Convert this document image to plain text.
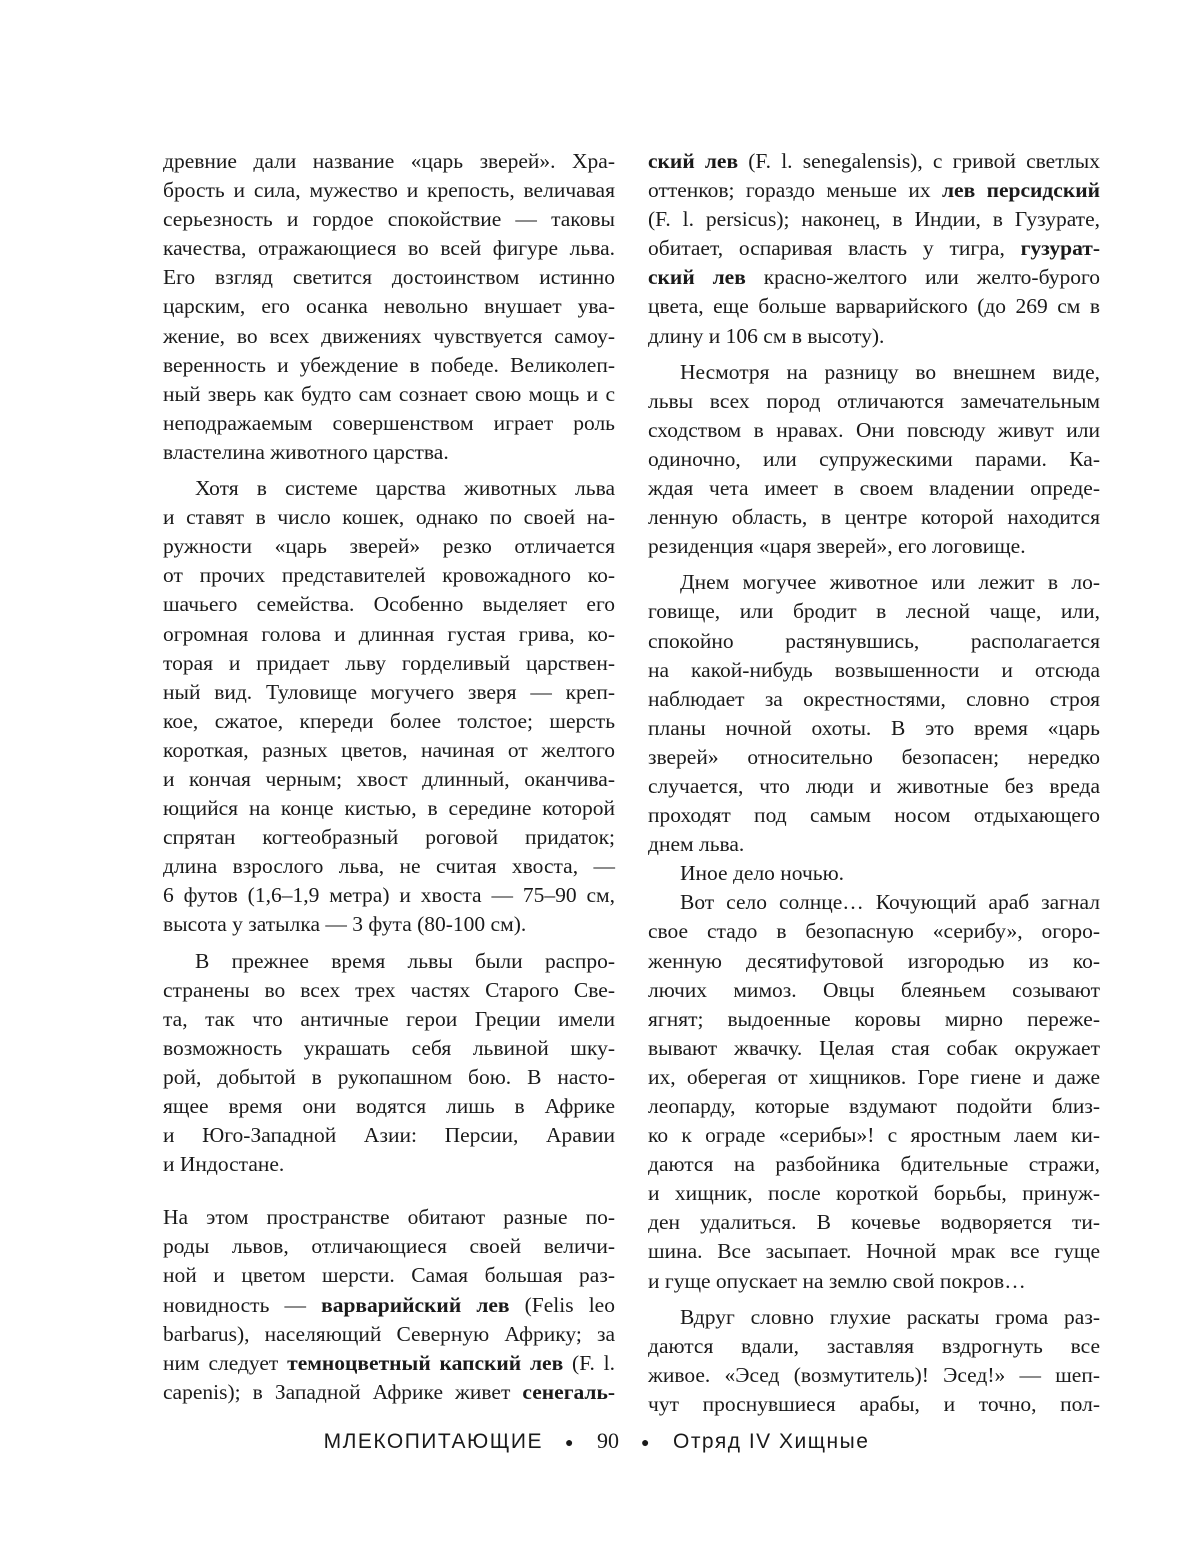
древние дали название «царь зверей». Хра-
брость и сила, мужество и крепость, величавая
серьезность и гордое спокойствие — таковы
качества, отражающиеся во всей фигуре льва.
Его взгляд светится достоинством истинно
царским, его осанка невольно внушает ува-
жение, во всех движениях чувствуется самоу-
веренность и убеждение в победе. Великолеп-
ный зверь как будто сам сознает свою мощь и с
неподражаемым совершенством играет роль
властелина животного царства.
Хотя в системе царства животных льва
и ставят в число кошек, однако по своей на-
ружности «царь зверей» резко отличается
от прочих представителей кровожадного ко-
шачьего семейства. Особенно выделяет его
огромная голова и длинная густая грива, ко-
торая и придает льву горделивый царствен-
ный вид. Туловище могучего зверя — креп-
кое, сжатое, кпереди более толстое; шерсть
короткая, разных цветов, начиная от желтого
и кончая черным; хвост длинный, оканчива-
ющийся на конце кистью, в середине которой
спрятан когтеобразный роговой придаток;
длина взрослого льва, не считая хвоста, —
6 футов (1,6–1,9 метра) и хвоста — 75–90 см,
высота у затылка — 3 фута (80-100 см).
В прежнее время львы были распро-
странены во всех трех частях Старого Све-
та, так что античные герои Греции имели
возможность украшать себя львиной шку-
рой, добытой в рукопашном бою. В насто-
ящее время они водятся лишь в Африке
и Юго-Западной Азии: Персии, Аравии
и Индостане.
На этом пространстве обитают разные по-
роды львов, отличающиеся своей величи-
ной и цветом шерсти. Самая большая раз-
новидность — варварийский лев (Felis leo
barbarus), населяющий Северную Африку; за
ним следует темноцветный капский лев (F. l.
capenis); в Западной Африке живет сенегаль-
ский лев (F. l. senegalensis), с гривой светлых
оттенков; гораздо меньше их лев персидский
(F. l. persicus); наконец, в Индии, в Гузурате,
обитает, оспаривая власть у тигра, гузурат-
ский лев красно-желтого или желто-бурого
цвета, еще больше варварийского (до 269 см в
длину и 106 см в высоту).
Несмотря на разницу во внешнем виде,
львы всех пород отличаются замечательным
сходством в нравах. Они повсюду живут или
одиночно, или супружескими парами. Ка-
ждая чета имеет в своем владении опреде-
ленную область, в центре которой находится
резиденция «царя зверей», его логовище.
Днем могучее животное или лежит в ло-
говище, или бродит в лесной чаще, или,
спокойно растянувшись, располагается
на какой-нибудь возвышенности и отсюда
наблюдает за окрестностями, словно строя
планы ночной охоты. В это время «царь
зверей» относительно безопасен; нередко
случается, что люди и животные без вреда
проходят под самым носом отдыхающего
днем льва.
Иное дело ночью.
Вот село солнце… Кочующий араб загнал
свое стадо в безопасную «серибу», огоро-
женную десятифутовой изгородью из ко-
лючих мимоз. Овцы блеяньем созывают
ягнят; выдоенные коровы мирно пережe-
вывают жвачку. Целая стая собак окружает
их, оберегая от хищников. Горе гиене и даже
леопарду, которые вздумают подойти близ-
ко к ограде «серибы»! с яростным лаем ки-
даются на разбойника бдительные стражи,
и хищник, после короткой борьбы, принуж-
ден удалиться. В кочевье водворяется ти-
шина. Все засыпает. Ночной мрак все гуще
и гуще опускает на землю свой покров…
Вдруг словно глухие раскаты грома раз-
даются вдали, заставляя вздрогнуть все
живое. «Эсед (возмутитель)! Эсед!» — шеп-
чут проснувшиеся арабы, и точно, пол-
МЛЕКОПИТАЮЩИЕ ● 90 ● Отряд IV Хищные
